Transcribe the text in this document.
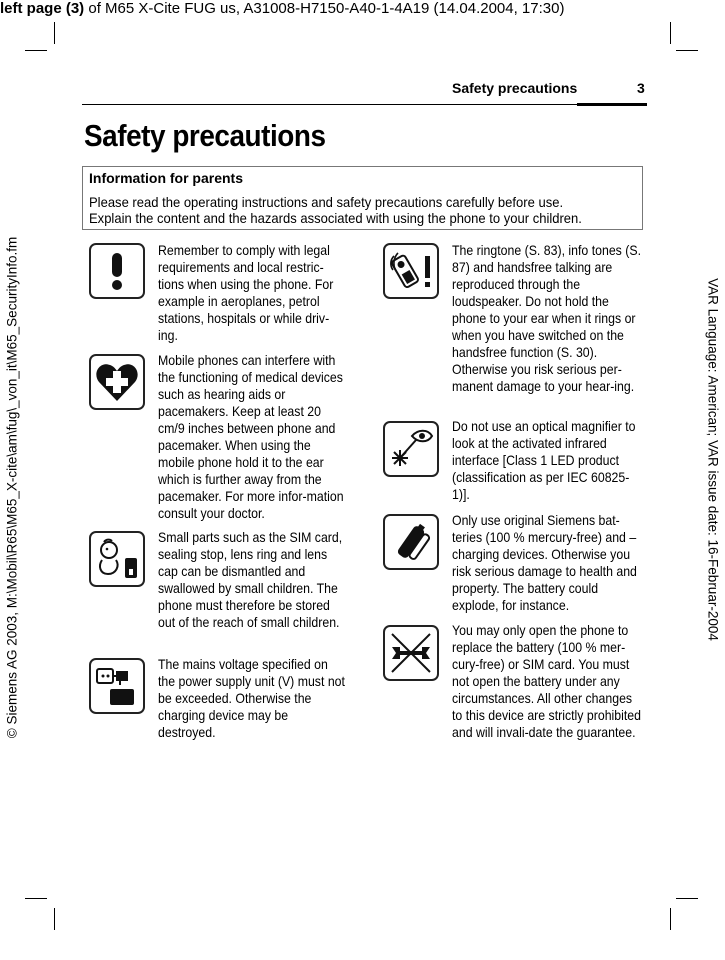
left page (3) of M65 X-Cite FUG us, A31008-H7150-A40-1-4A19 (14.04.2004, 17:30)
VAR Language: American; VAR issue date: 16-Februar-2004
© Siemens AG 2003, M:\Mobil\R65\M65_X-cite\am\fug\_von_it\M65_SecurityInfo.fm
Safety precautions	3
Safety precautions
Information for parents
Please read the operating instructions and safety precautions carefully before use.
Explain the content and the hazards associated with using the phone to your children.
Remember to comply with legal requirements and local restric-tions when using the phone. For example in aeroplanes, petrol stations, hospitals or while driv-ing.
Mobile phones can interfere with the functioning of medical devices such as hearing aids or pacemakers. Keep at least 20 cm/9 inches between phone and pacemaker. When using the mobile phone hold it to the ear which is further away from the pacemaker. For more infor-mation consult your doctor.
Small parts such as the SIM card, sealing stop, lens ring and lens cap can be dismantled and swallowed by small children. The phone must therefore be stored out of the reach of small children.
The mains voltage specified on the power supply unit (V) must not be exceeded. Otherwise the charging device may be destroyed.
The ringtone (S. 83), info tones (S. 87) and handsfree talking are reproduced through the loudspeaker. Do not hold the phone to your ear when it rings or when you have switched on the handsfree function (S. 30). Otherwise you risk serious per-manent damage to your hear-ing.
Do not use an optical magnifier to look at the activated infrared interface [Class 1 LED product (classification as per IEC 60825-1)].
Only use original Siemens bat-teries (100 % mercury-free) and – charging devices. Otherwise you risk serious damage to health and property. The battery could explode, for instance.
You may only open the phone to replace the battery (100 % mer-cury-free) or SIM card. You must not open the battery under any circumstances. All other changes to this device are strictly prohibited and will invali-date the guarantee.
